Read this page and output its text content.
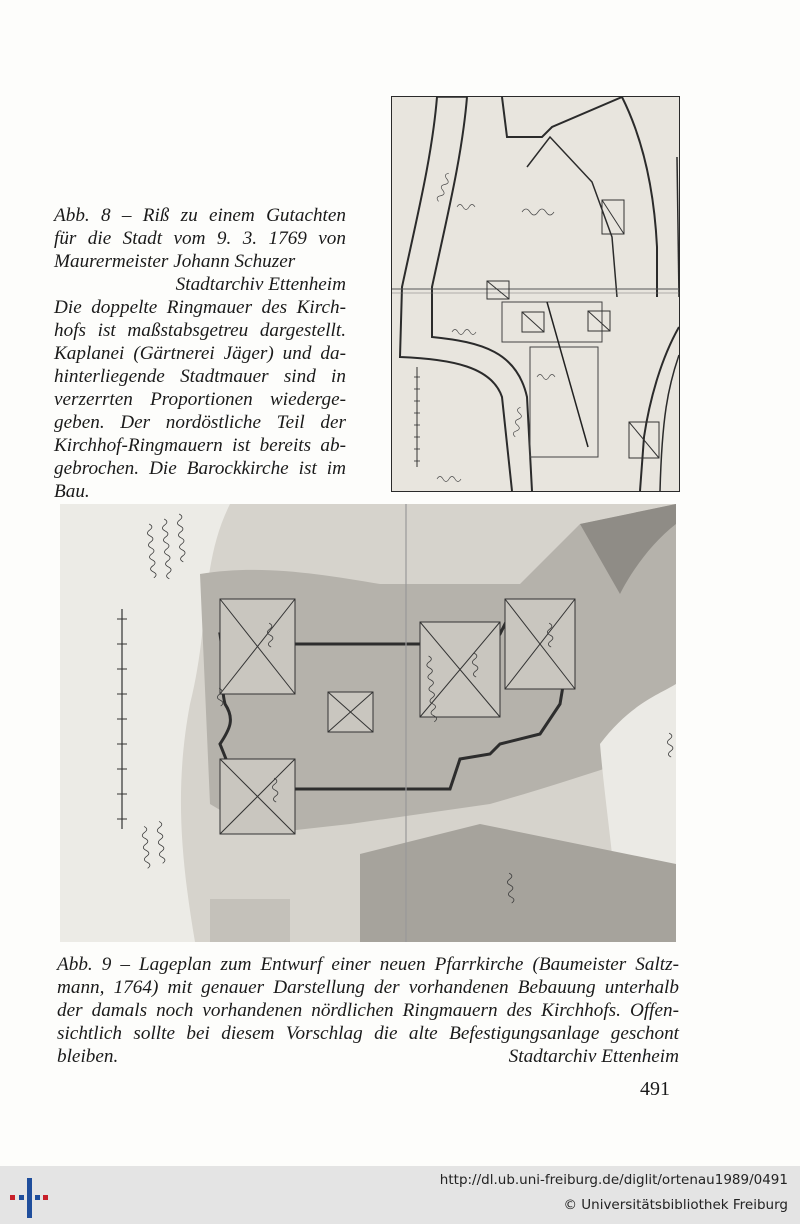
Abb. 8 – Riß zu einem Gutachten
für die Stadt vom 9. 3. 1769 von
Maurermeister Johann Schuzer
Stadtarchiv Ettenheim
Die doppelte Ringmauer des Kirch-
hofs ist maßstabsgetreu dargestellt.
Kaplanei (Gärtnerei Jäger) und da-
hinterliegende Stadtmauer sind in
verzerrten Proportionen wiederge-
geben. Der nordöstliche Teil der
Kirchhof-Ringmauern ist bereits ab-
gebrochen. Die Barockkirche ist im
Bau.
Abb. 9 – Lageplan zum Entwurf einer neuen Pfarrkirche (Baumeister Saltz-
mann, 1764) mit genauer Darstellung der vorhandenen Bebauung unterhalb
der damals noch vorhandenen nördlichen Ringmauern des Kirchhofs. Offen-
sichtlich sollte bei diesem Vorschlag die alte Befestigungsanlage geschont
bleiben.	Stadtarchiv Ettenheim
491
http://dl.ub.uni-freiburg.de/diglit/ortenau1989/0491
© Universitätsbibliothek Freiburg
